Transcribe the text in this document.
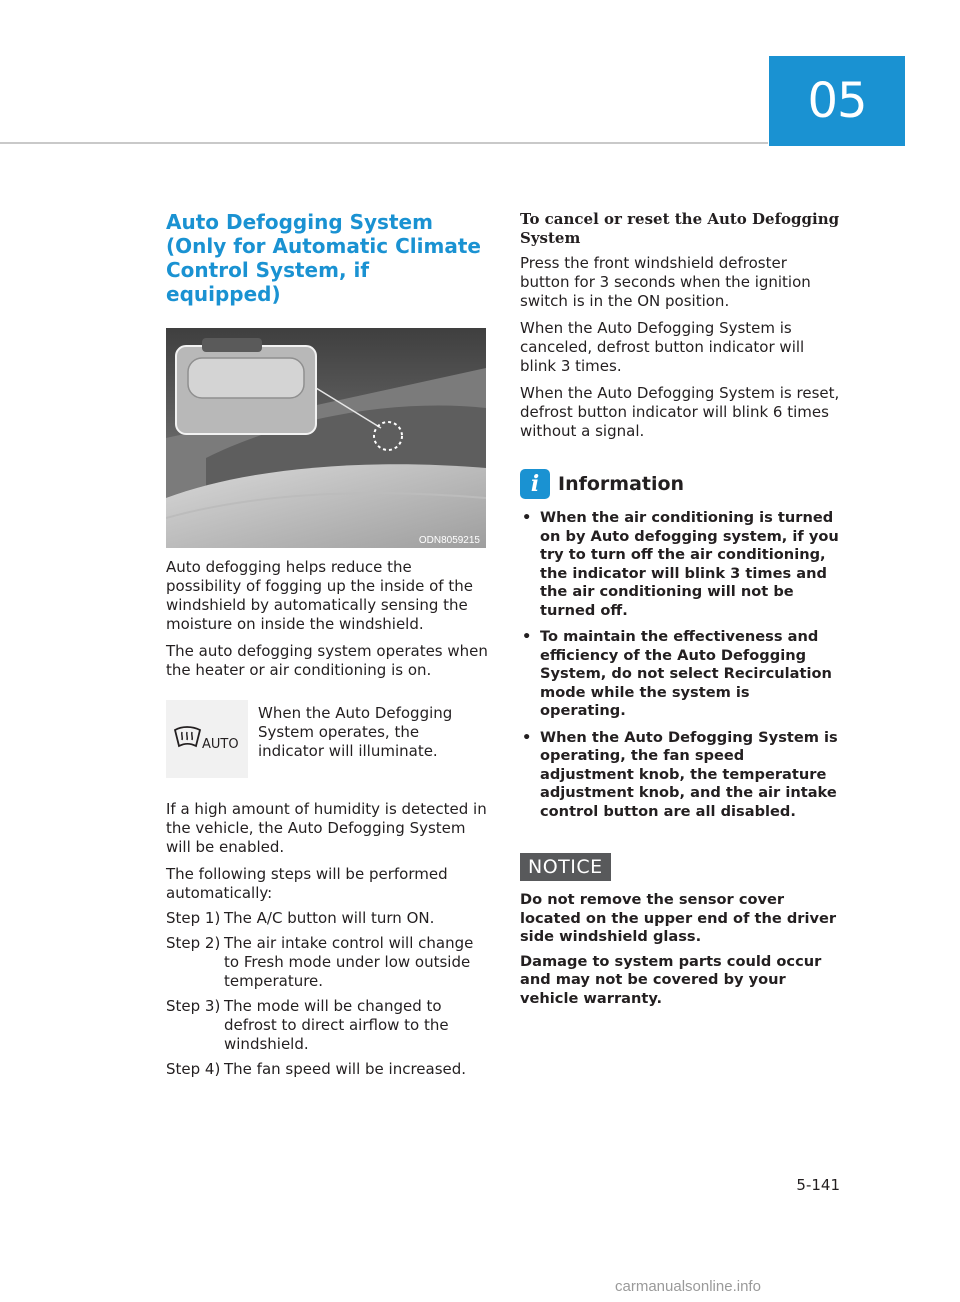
05
Auto Defogging System (Only for Automatic Climate Control System, if equipped)
ODN8059215

Auto defogging helps reduce the possibility of fogging up the inside of the windshield by automatically sensing the moisture on inside the windshield.

The auto defogging system operates when the heater or air conditioning is on.

AUTO

When the Auto Defogging System operates, the indicator will illuminate.

If a high amount of humidity is detected in the vehicle, the Auto Defogging System will be enabled.

The following steps will be performed automatically:

Step 1) The A/C button will turn ON.
Step 2) The air intake control will change to Fresh mode under low outside temperature.
Step 3) The mode will be changed to defrost to direct airflow to the windshield.
Step 4) The fan speed will be increased.
To cancel or reset the Auto Defogging System

Press the front windshield defroster button for 3 seconds when the ignition switch is in the ON position.

When the Auto Defogging System is canceled, defrost button indicator will blink 3 times.

When the Auto Defogging System is reset, defrost button indicator will blink 6 times without a signal.

i Information
• When the air conditioning is turned on by Auto defogging system, if you try to turn off the air conditioning, the indicator will blink 3 times and the air conditioning will not be turned off.
• To maintain the effectiveness and efficiency of the Auto Defogging System, do not select Recirculation mode while the system is operating.
• When the Auto Defogging System is operating, the fan speed adjustment knob, the temperature adjustment knob, and the air intake control button are all disabled.
NOTICE

Do not remove the sensor cover located on the upper end of the driver side windshield glass.

Damage to system parts could occur and may not be covered by your vehicle warranty.

5-141
carmanualsonline.info
